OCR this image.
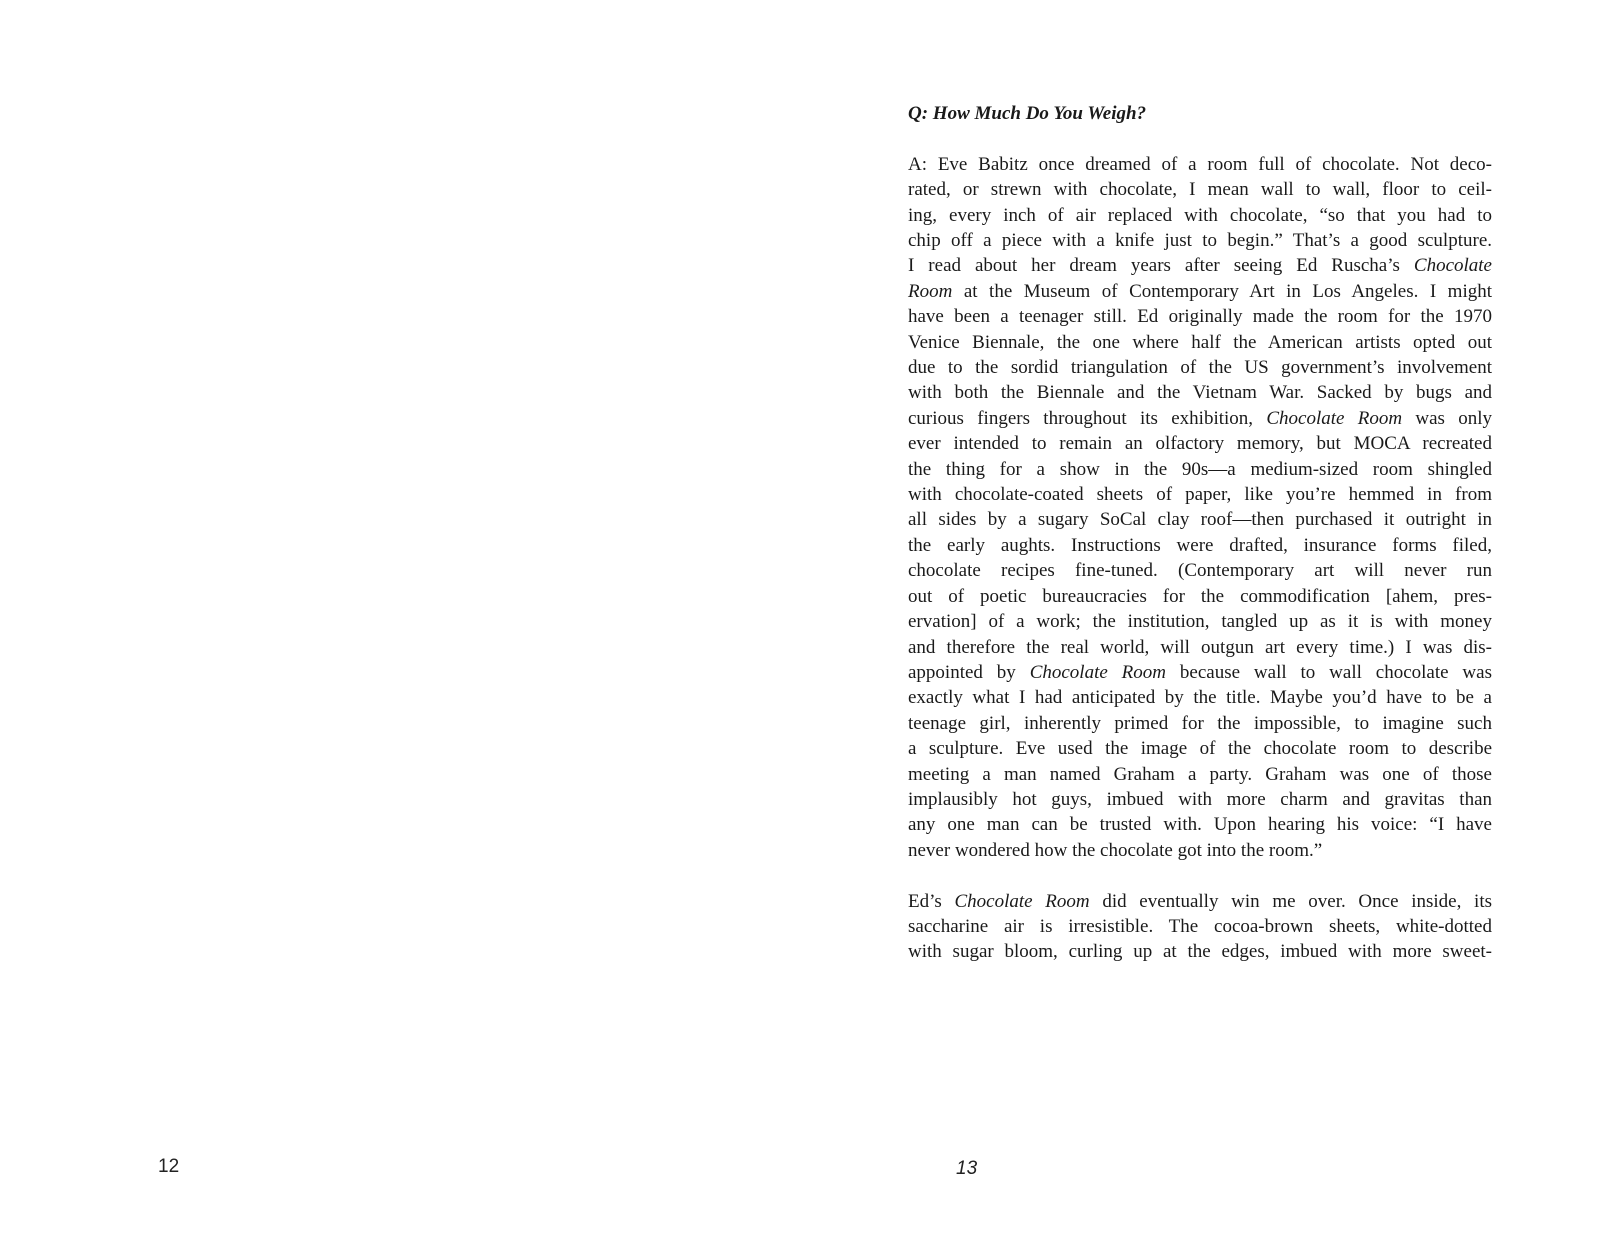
12
Q: How Much Do You Weigh?
A: Eve Babitz once dreamed of a room full of chocolate. Not deco-
rated, or strewn with chocolate, I mean wall to wall, floor to ceil-
ing, every inch of air replaced with chocolate, “so that you had to
chip off a piece with a knife just to begin.” That’s a good sculpture.
I read about her dream years after seeing Ed Ruscha’s Chocolate
Room at the Museum of Contemporary Art in Los Angeles. I might
have been a teenager still. Ed originally made the room for the 1970
Venice Biennale, the one where half the American artists opted out
due to the sordid triangulation of the US government’s involvement
with both the Biennale and the Vietnam War. Sacked by bugs and
curious fingers throughout its exhibition, Chocolate Room was only
ever intended to remain an olfactory memory, but MOCA recreated
the thing for a show in the 90s—a medium-sized room shingled
with chocolate-coated sheets of paper, like you’re hemmed in from
all sides by a sugary SoCal clay roof—then purchased it outright in
the early aughts. Instructions were drafted, insurance forms filed,
chocolate recipes fine-tuned. (Contemporary art will never run
out of poetic bureaucracies for the commodification [ahem, pres-
ervation] of a work; the institution, tangled up as it is with money
and therefore the real world, will outgun art every time.) I was dis-
appointed by Chocolate Room because wall to wall chocolate was
exactly what I had anticipated by the title. Maybe you’d have to be a
teenage girl, inherently primed for the impossible, to imagine such
a sculpture. Eve used the image of the chocolate room to describe
meeting a man named Graham a party. Graham was one of those
implausibly hot guys, imbued with more charm and gravitas than
any one man can be trusted with. Upon hearing his voice: “I have
never wondered how the chocolate got into the room.”
Ed’s Chocolate Room did eventually win me over. Once inside, its
saccharine air is irresistible. The cocoa-brown sheets, white-dotted
with sugar bloom, curling up at the edges, imbued with more sweet-
13
